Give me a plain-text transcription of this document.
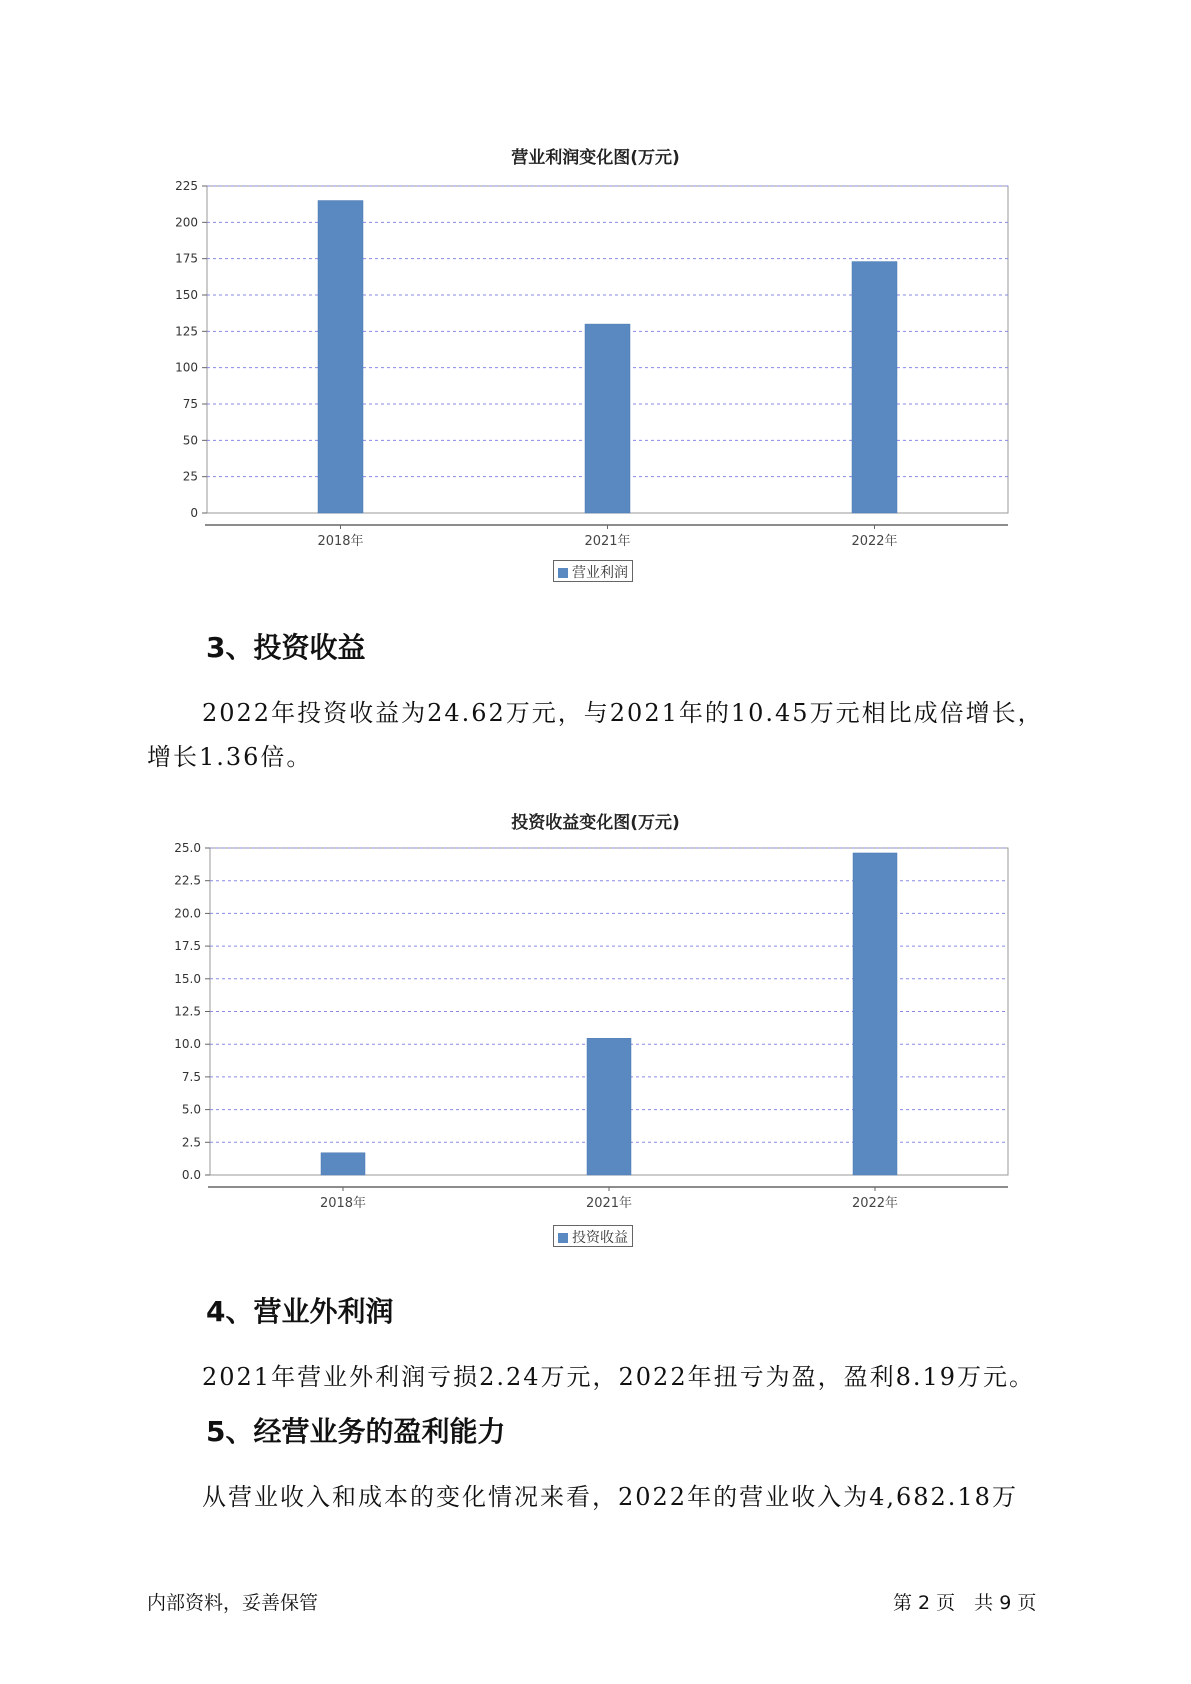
营业利润变化图(万元)
0
25
50
75
100
125
150
175
200
225
2018年	2021年	2022年
营业利润
3、投资收益
2022年投资收益为24.62万元，与2021年的10.45万元相比成倍增长，
增长1.36倍。
投资收益变化图(万元)
0.0
2.5
5.0
7.5
10.0
12.5
15.0
17.5
20.0
22.5
25.0
2018年	2021年	2022年
投资收益
4、营业外利润
2021年营业外利润亏损2.24万元，2022年扭亏为盈，盈利8.19万元。
5、经营业务的盈利能力
从营业收入和成本的变化情况来看，2022年的营业收入为4,682.18万
内部资料，妥善保管	第 2 页　共 9 页
